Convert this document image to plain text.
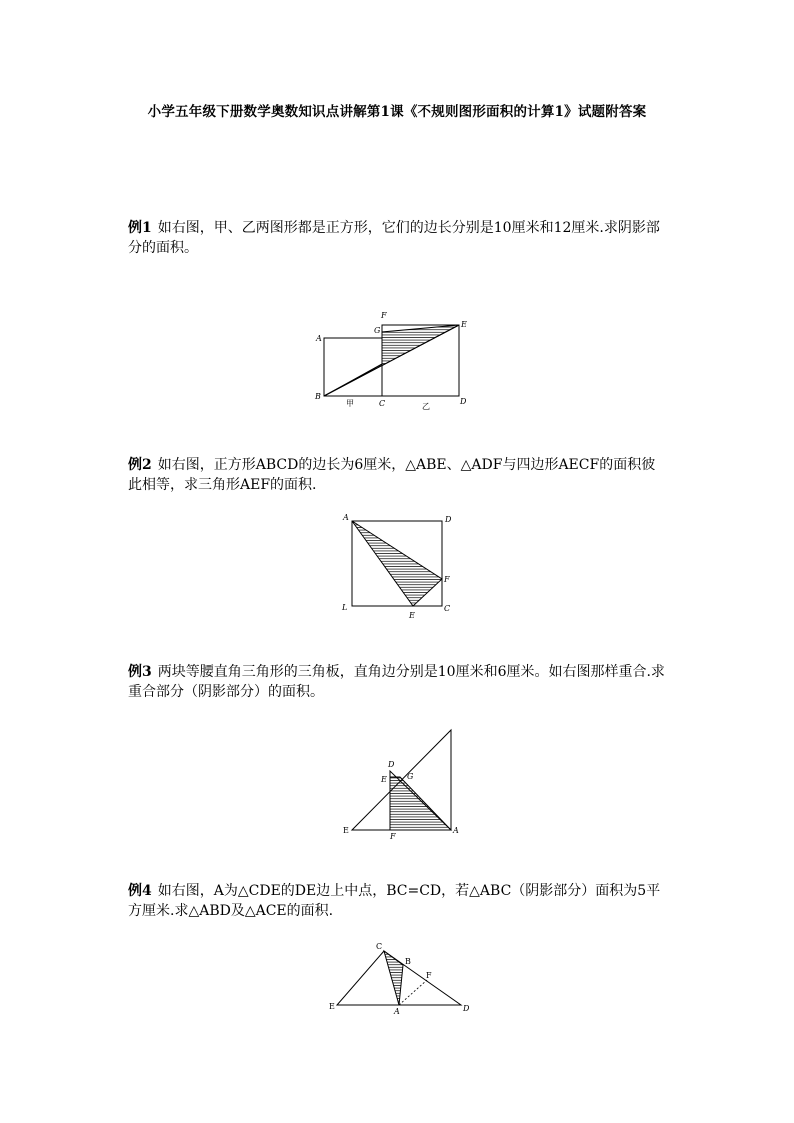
小学五年级下册数学奥数知识点讲解第1课《不规则图形面积的计算1》试题附答案
例1 如右图，甲、乙两图形都是正方形，它们的边长分别是10厘米和12厘米.求阴影部分的面积。
A
B
C	D
E
F
G
甲	乙
例2 如右图，正方形ABCD的边长为6厘米，△ABE、△ADF与四边形AECF的面积彼此相等，求三角形AEF的面积.
A	D
L	C
F
E
例3 两块等腰直角三角形的三角板，直角边分别是10厘米和6厘米。如右图那样重合.求重合部分（阴影部分）的面积。
D
E	G
E
F
A
例4 如右图，A为△CDE的DE边上中点，BC=CD，若△ABC（阴影部分）面积为5平方厘米.求△ABD及△ACE的面积.
C
B
F
E
A	D
